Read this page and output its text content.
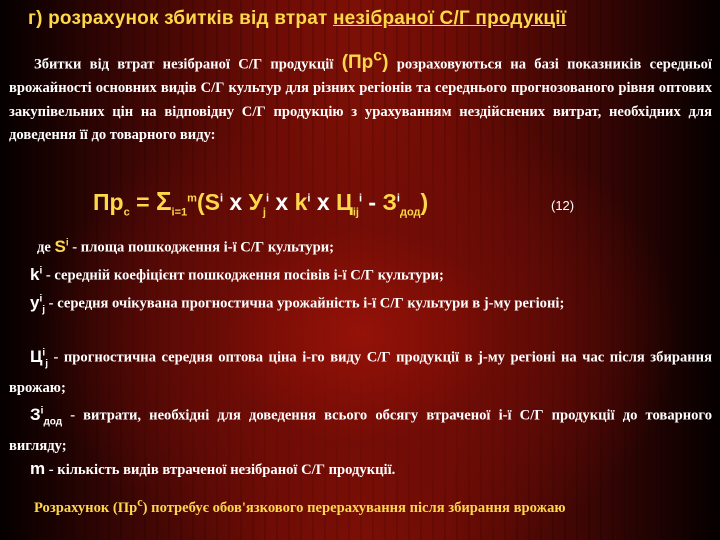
г) розрахунок збитків від втрат незібраної С/Г продукції
Збитки від втрат незібраної С/Г продукції $(Пр^с)$ розраховуються на базі показників середньої врожайності основних видів С/Г культур для різних регіонів та середнього прогнозованого рівня оптових закупівельних цін на відповідну С/Г продукцію з урахуванням нездійснених витрат, необхідних для доведення її до товарного виду:
$Пр_с = \Sigma_{i=1}^m(S^i$ x $У_j^i$ x $k^i$ x $Ц_{ij}^i - З^i_{дод}$)	(12)
де $S^i$ - площа пошкодження і-ї С/Г культури;
$k^i$ - середній коефіцієнт пошкодження посівів і-ї С/Г культури;
$у^i_j$ - середня очікувана прогностична урожайність і-ї С/Г культури в j-му регіоні;
$Ц^i_j$ - прогностична середня оптова ціна і-го виду С/Г продукції в j-му регіоні на час після збирання врожаю;
$З^i_{дод}$ - витрати, необхідні для доведення всього обсягу втраченої і-ї С/Г продукції до товарного вигляду;
m - кількість видів втраченої незібраної С/Г продукції.
Розрахунок $(Пр^с)$ потребує обов'язкового перерахування після збирання врожаю
